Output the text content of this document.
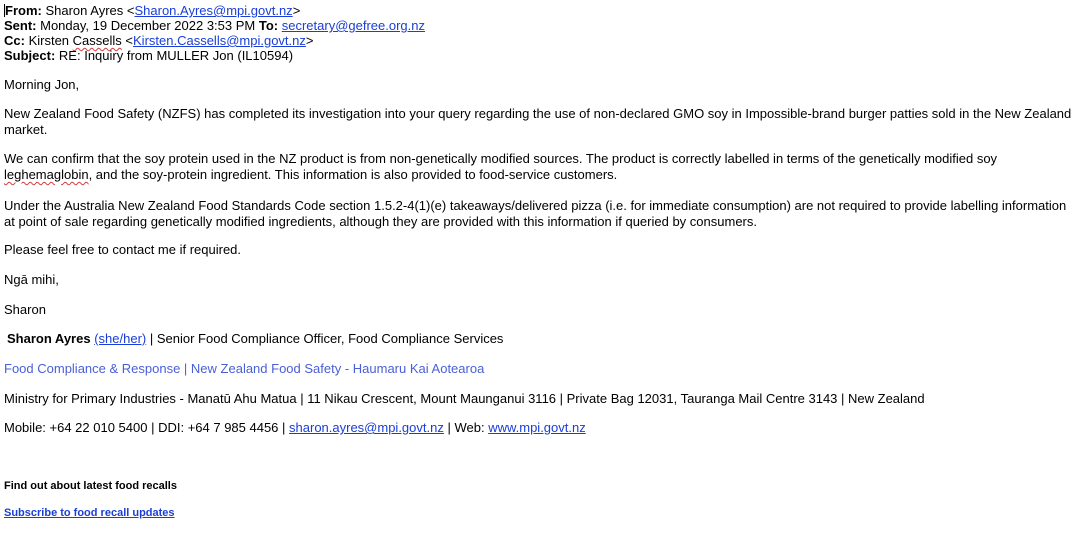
From: Sharon Ayres <Sharon.Ayres@mpi.govt.nz>
Sent: Monday, 19 December 2022 3:53 PM To: secretary@gefree.org.nz
Cc: Kirsten Cassells <Kirsten.Cassells@mpi.govt.nz>
Subject: RE: Inquiry from MULLER Jon (IL10594)

Morning Jon,

New Zealand Food Safety (NZFS) has completed its investigation into your query regarding the use of non-declared GMO soy in Impossible-brand burger patties sold in the New Zealand market.

We can confirm that the soy protein used in the NZ product is from non-genetically modified sources. The product is correctly labelled in terms of the genetically modified soy leghemaglobin, and the soy-protein ingredient. This information is also provided to food-service customers.

Under the Australia New Zealand Food Standards Code section 1.5.2-4(1)(e) takeaways/delivered pizza (i.e. for immediate consumption) are not required to provide labelling information at point of sale regarding genetically modified ingredients, although they are provided with this information if queried by consumers.

Please feel free to contact me if required.

Ngā mihi,

Sharon

Sharon Ayres (she/her) | Senior Food Compliance Officer, Food Compliance Services

Food Compliance & Response | New Zealand Food Safety - Haumaru Kai Aotearoa

Ministry for Primary Industries - Manatū Ahu Matua | 11 Nikau Crescent, Mount Maunganui 3116 | Private Bag 12031, Tauranga Mail Centre 3143 | New Zealand

Mobile: +64 22 010 5400 | DDI: +64 7 985 4456 | sharon.ayres@mpi.govt.nz | Web: www.mpi.govt.nz

Find out about latest food recalls

Subscribe to food recall updates
